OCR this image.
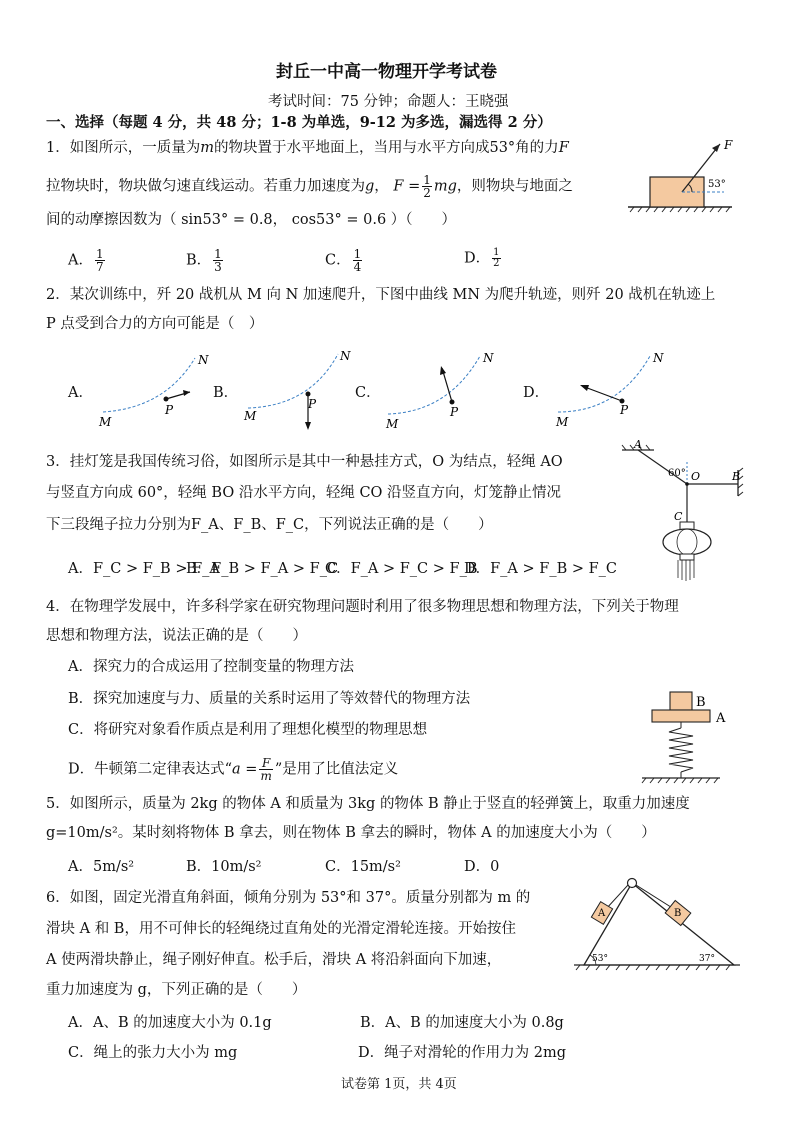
封丘一中高一物理开学考试卷
考试时间：75 分钟；命题人：王晓强
一、选择（每题 4 分，共 48 分；1-8 为单选，9-12 为多选，漏选得 2 分）
1．如图所示，一质量为m的物块置于水平地面上，当用与水平方向成53°角的力F
拉物块时，物块做匀速直线运动。若重力加速度为g， $F = \frac{1}{2}$ mg，则物块与地面之
间的动摩擦因数为（ sin53° = 0.8， cos53° = 0.6 ）（　　）
A． $\frac{1}{7}$	B． $\frac{1}{3}$	C． $\frac{1}{4}$	D． $\frac{1}{2}$
F
53°
2．某次训练中，歼 20 战机从 M 向 N 加速爬升，下图中曲线 MN 为爬升轨迹，则歼 20 战机在轨迹上
P 点受到合力的方向可能是（　）
A．
M
N
P
B．
M
N
P
C．
M
N
P
D．
M
N
P
3．挂灯笼是我国传统习俗，如图所示是其中一种悬挂方式，O 为结点，轻绳 AO
与竖直方向成 60°，轻绳 BO 沿水平方向，轻绳 CO 沿竖直方向，灯笼静止情况
下三段绳子拉力分别为F_A、F_B、F_C，下列说法正确的是（　　）
A．F_C > F_B > F_A
B．F_B > F_A > F_C
C．F_A > F_C > F_B
D．F_A > F_B > F_C
A
B
O
C
60°
4．在物理学发展中，许多科学家在研究物理问题时利用了很多物理思想和物理方法，下列关于物理
思想和物理方法，说法正确的是（　　）
A．探究力的合成运用了控制变量的物理方法
B．探究加速度与力、质量的关系时运用了等效替代的物理方法
C．将研究对象看作质点是利用了理想化模型的物理思想
D．牛顿第二定律表达式“$a = \frac{F}{m}$ ”是用了比值法定义
B
A
5．如图所示，质量为 2kg 的物体 A 和质量为 3kg 的物体 B 静止于竖直的轻弹簧上，取重力加速度
g=10m/s²。某时刻将物体 B 拿去，则在物体 B 拿去的瞬时，物体 A 的加速度大小为（　　）
A．5m/s²	B．10m/s²	C．15m/s²	D．0
6．如图，固定光滑直角斜面，倾角分别为 53°和 37°。质量分别都为 m 的
滑块 A 和 B，用不可伸长的轻绳绕过直角处的光滑定滑轮连接。开始按住
A 使两滑块静止，绳子刚好伸直。松手后，滑块 A 将沿斜面向下加速，
重力加速度为 g，下列正确的是（　　）
A．A、B 的加速度大小为 0.1g	B．A、B 的加速度大小为 0.8g
C．绳上的张力大小为 mg	D．绳子对滑轮的作用力为 2mg
A	B
53°	37°
试卷第 1页，共 4页
